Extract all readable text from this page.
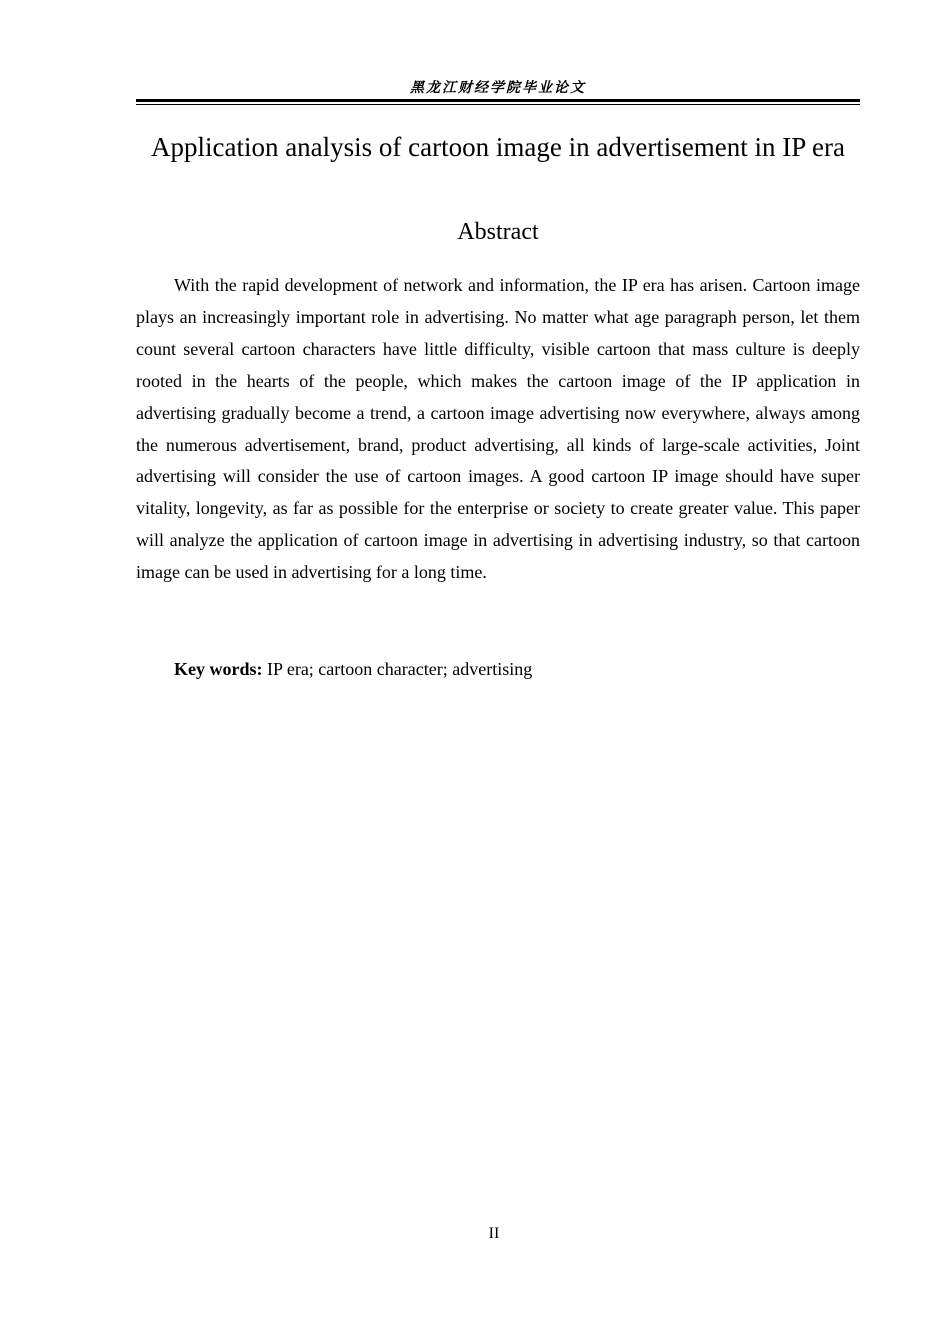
黑龙江财经学院毕业论文
Application analysis of cartoon image in advertisement in IP era
Abstract

With the rapid development of network and information, the IP era has arisen. Cartoon image plays an increasingly important role in advertising. No matter what age paragraph person, let them count several cartoon characters have little difficulty, visible cartoon that mass culture is deeply rooted in the hearts of the people, which makes the cartoon image of the IP application in advertising gradually become a trend, a cartoon image advertising now everywhere, always among the numerous advertisement, brand, product advertising, all kinds of large-scale activities, Joint advertising will consider the use of cartoon images. A good cartoon IP image should have super vitality, longevity, as far as possible for the enterprise or society to create greater value. This paper will analyze the application of cartoon image in advertising in advertising industry, so that cartoon image can be used in advertising for a long time.

Key words: IP era; cartoon character; advertising

II
